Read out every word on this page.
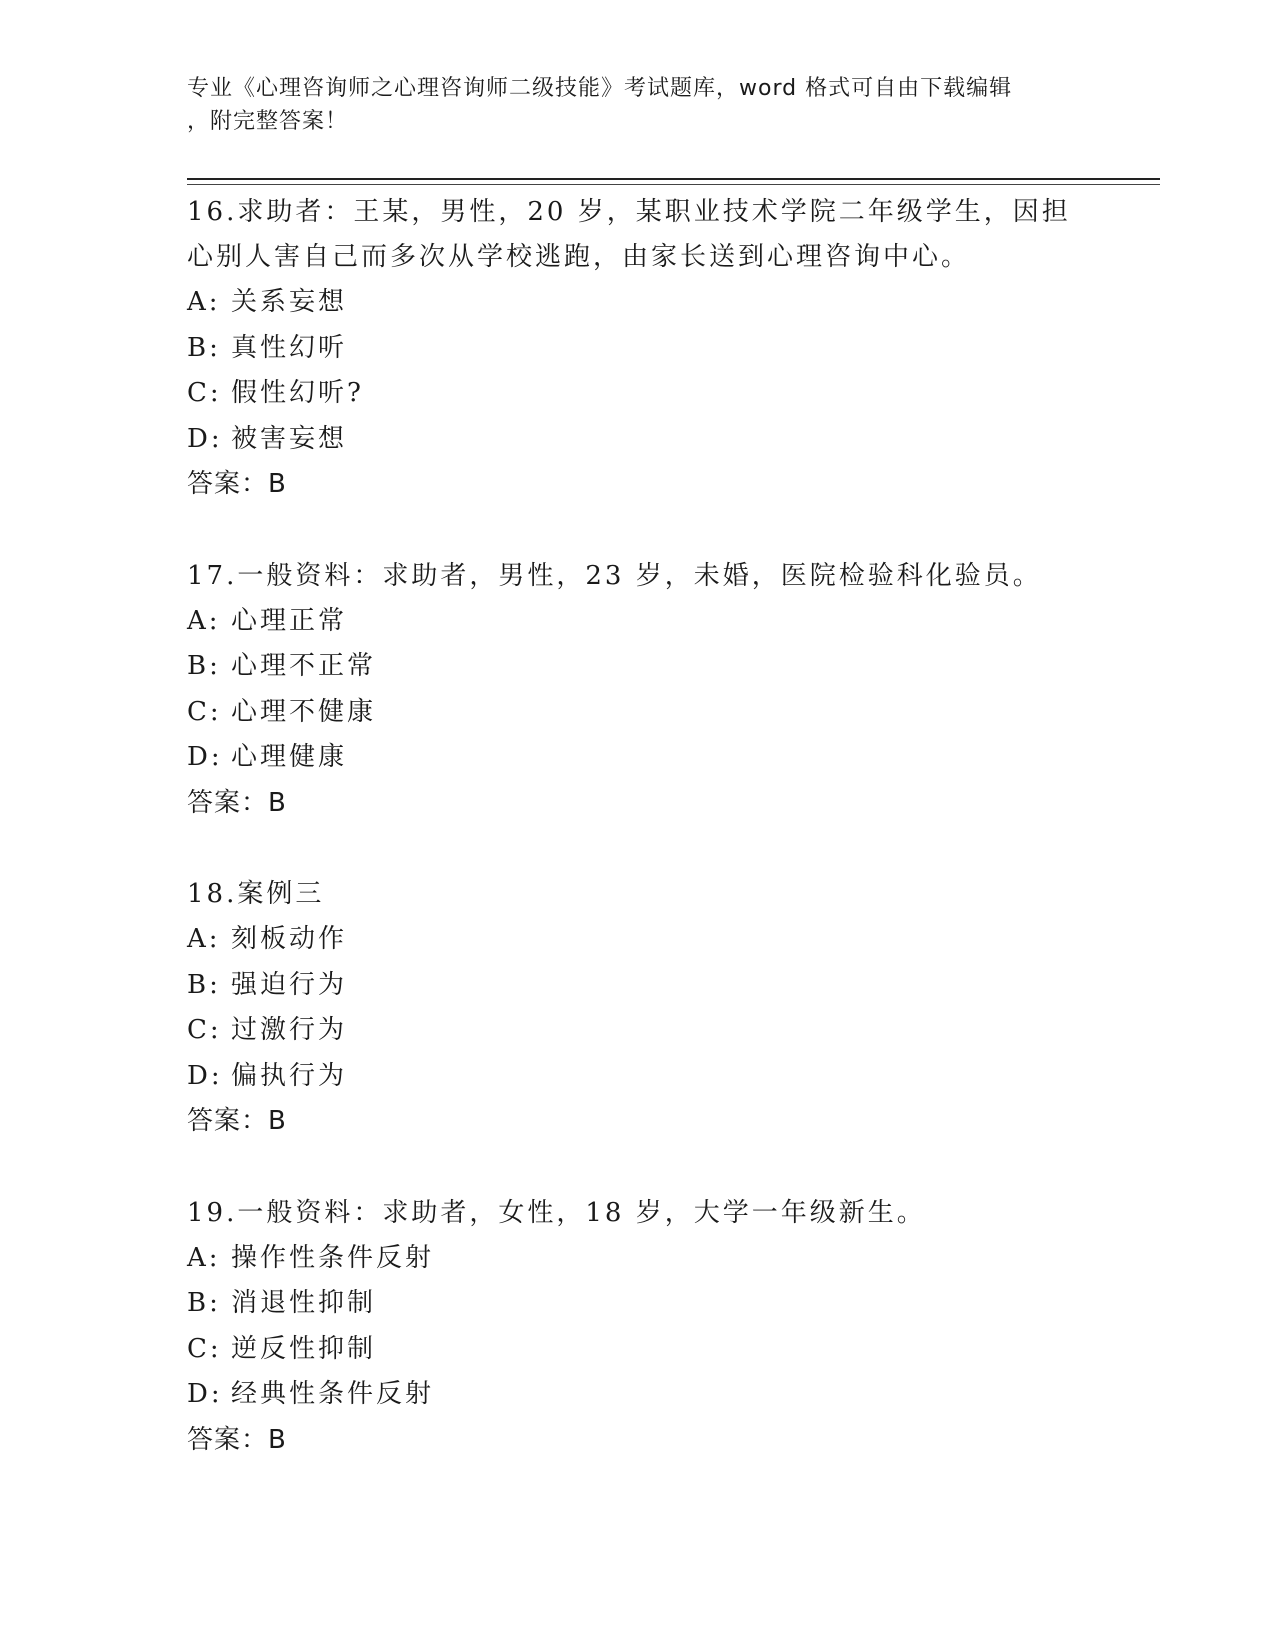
专业《心理咨询师之心理咨询师二级技能》考试题库，word 格式可自由下载编辑
，附完整答案！

16.求助者：王某，男性，20 岁，某职业技术学院二年级学生，因担心别人害自己而多次从学校逃跑，由家长送到心理咨询中心。

A: 关系妄想
B: 真性幻听
C: 假性幻听?
D: 被害妄想
答案：B

17.一般资料：求助者，男性，23 岁，未婚，医院检验科化验员。

A: 心理正常
B: 心理不正常
C: 心理不健康
D: 心理健康
答案：B

18.案例三

A: 刻板动作
B: 强迫行为
C: 过激行为
D: 偏执行为
答案：B

19.一般资料：求助者，女性，18 岁，大学一年级新生。

A: 操作性条件反射
B: 消退性抑制
C: 逆反性抑制
D: 经典性条件反射
答案：B
